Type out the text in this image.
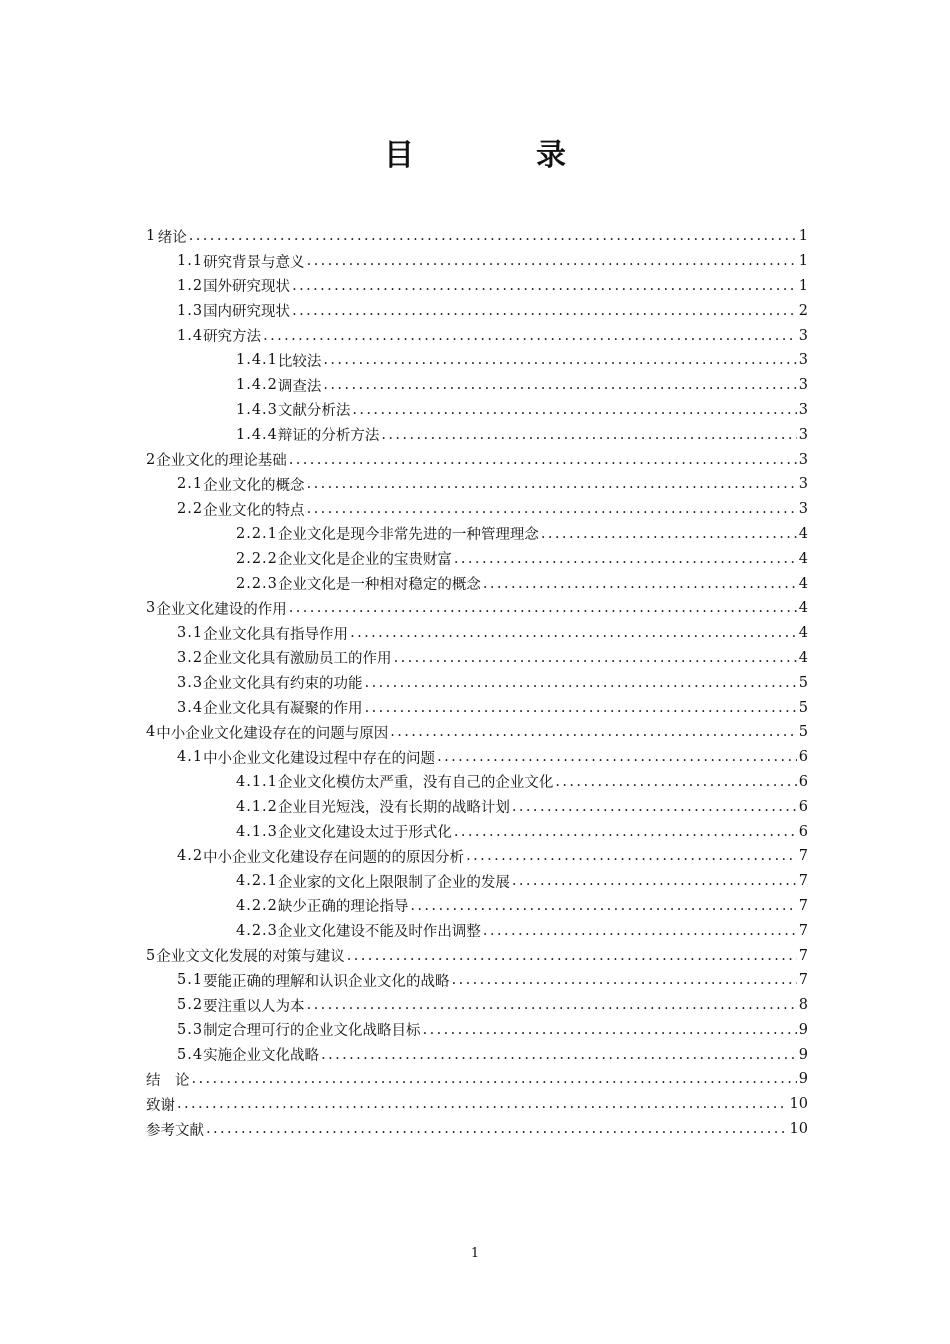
目　录
1 绪论 .....	1
1.1 研究背景与意义 .....	1
1.2 国外研究现状 .....	1
1.3 国内研究现状 .....	2
1.4 研究方法 .....	3
1.4.1 比较法 .....	3
1.4.2 调查法 .....	3
1.4.3 文献分析法 .....	3
1.4.4 辩证的分析方法 .....	3
2 企业文化的理论基础 .....	3
2.1 企业文化的概念 .....	3
2.2 企业文化的特点 .....	3
2.2.1 企业文化是现今非常先进的一种管理理念 .....	4
2.2.2 企业文化是企业的宝贵财富 .....	4
2.2.3 企业文化是一种相对稳定的概念 .....	4
3 企业文化建设的作用 .....	4
3.1 企业文化具有指导作用 .....	4
3.2 企业文化具有激励员工的作用 .....	4
3.3 企业文化具有约束的功能 .....	5
3.4 企业文化具有凝聚的作用 .....	5
4 中小企业文化建设存在的问题与原因 .....	5
4.1 中小企业文化建设过程中存在的问题 .....	6
4.1.1 企业文化模仿太严重，没有自己的企业文化 .....	6
4.1.2 企业目光短浅，没有长期的战略计划 .....	6
4.1.3 企业文化建设太过于形式化 .....	6
4.2 中小企业文化建设存在问题的的原因分析 .....	7
4.2.1 企业家的文化上限限制了企业的发展 .....	7
4.2.2 缺少正确的理论指导 .....	7
4.2.3 企业文化建设不能及时作出调整 .....	7
5 企业文文化发展的对策与建议 .....	7
5.1 要能正确的理解和认识企业文化的战略 .....	7
5.2 要注重以人为本 .....	8
5.3 制定合理可行的企业文化战略目标 .....	9
5.4 实施企业文化战略 .....	9
结　论 .....	9
致谢 .....	10
参考文献 .....	10
1
